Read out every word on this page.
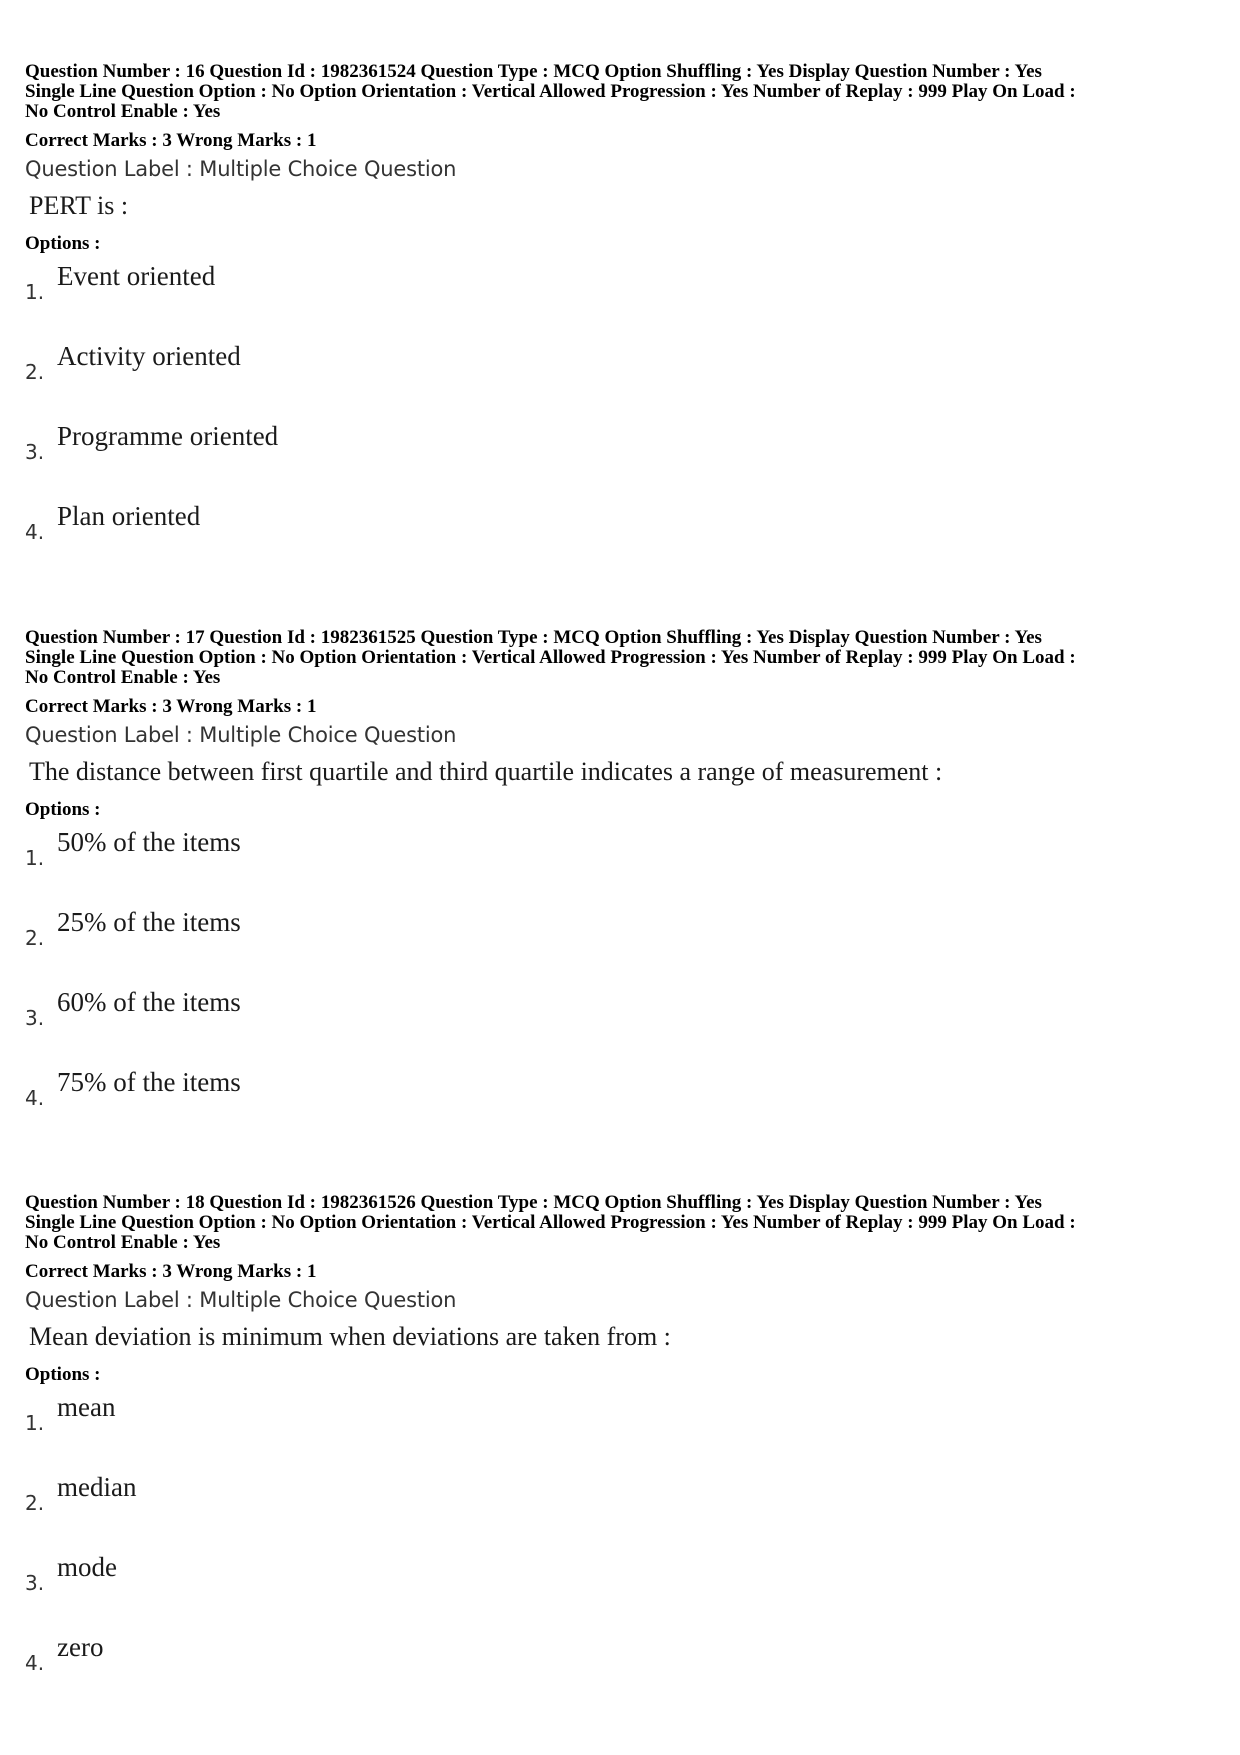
Question Number : 16 Question Id : 1982361524 Question Type : MCQ Option Shuffling : Yes Display Question Number : Yes
Single Line Question Option : No Option Orientation : Vertical Allowed Progression : Yes Number of Replay : 999 Play On Load :
No Control Enable : Yes
Correct Marks : 3 Wrong Marks : 1
Question Label : Multiple Choice Question
PERT is :
Options :
1.
Event oriented
2.
Activity oriented
3.
Programme oriented
4.
Plan oriented
Question Number : 17 Question Id : 1982361525 Question Type : MCQ Option Shuffling : Yes Display Question Number : Yes
Single Line Question Option : No Option Orientation : Vertical Allowed Progression : Yes Number of Replay : 999 Play On Load :
No Control Enable : Yes
Correct Marks : 3 Wrong Marks : 1
Question Label : Multiple Choice Question
The distance between first quartile and third quartile indicates a range of measurement :
Options :
1.
50% of the items
2.
25% of the items
3.
60% of the items
4.
75% of the items
Question Number : 18 Question Id : 1982361526 Question Type : MCQ Option Shuffling : Yes Display Question Number : Yes
Single Line Question Option : No Option Orientation : Vertical Allowed Progression : Yes Number of Replay : 999 Play On Load :
No Control Enable : Yes
Correct Marks : 3 Wrong Marks : 1
Question Label : Multiple Choice Question
Mean deviation is minimum when deviations are taken from :
Options :
1.
mean
2.
median
3.
mode
4.
zero
